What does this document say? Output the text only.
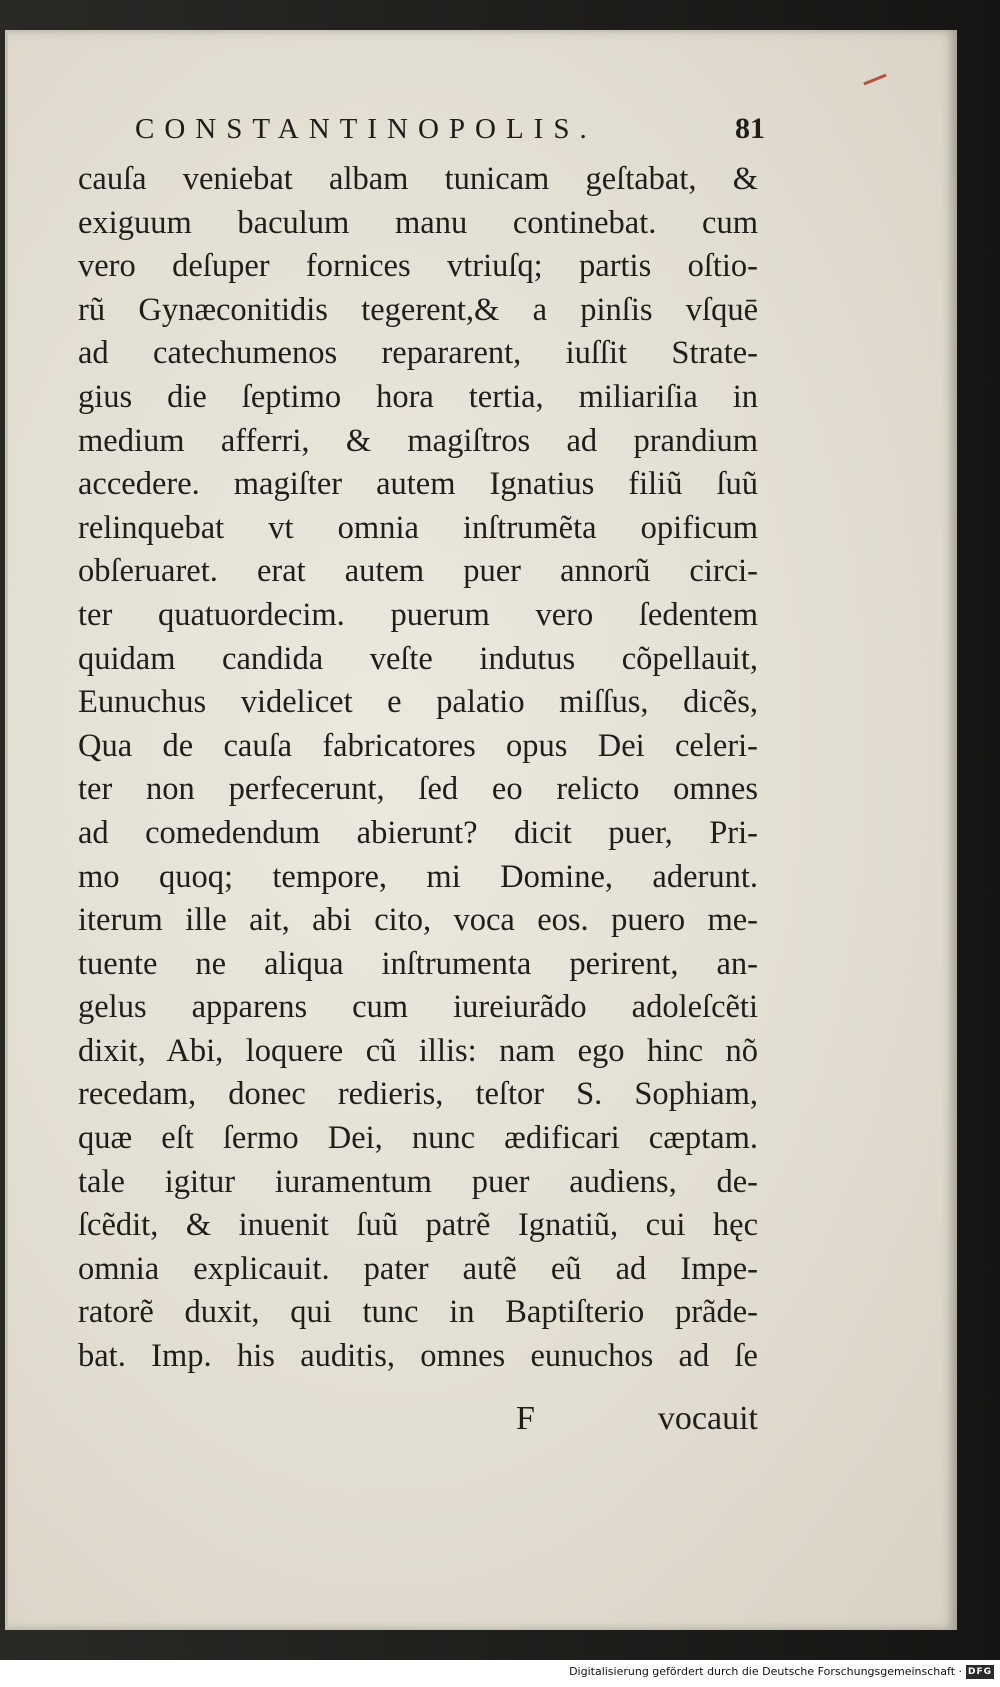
CONSTANTINOPOLIS.	81
cauſa veniebat albam tunicam geſtabat, &
exiguum baculum manu continebat. cum
vero deſuper fornices vtriuſq; partis oſtio-
rũ Gynæconitidis tegerent,& a pinſis vſquē
ad catechumenos repararent, iuſſit Strate-
gius die ſeptimo hora tertia, miliariſia in
medium afferri, & magiſtros ad prandium
accedere. magiſter autem Ignatius filiũ ſuũ
relinquebat vt omnia inſtrumẽta opificum
obſeruaret. erat autem puer annorũ circi-
ter quatuordecim. puerum vero ſedentem
quidam candida veſte indutus cõpellauit,
Eunuchus videlicet e palatio miſſus, dicẽs,
Qua de cauſa fabricatores opus Dei celeri-
ter non perfecerunt, ſed eo relicto omnes
ad comedendum abierunt? dicit puer, Pri-
mo quoq; tempore, mi Domine, aderunt.
iterum ille ait, abi cito, voca eos. puero me-
tuente ne aliqua inſtrumenta perirent, an-
gelus apparens cum iureiurãdo adoleſcẽti
dixit, Abi, loquere cũ illis: nam ego hinc nõ
recedam, donec redieris, teſtor S. Sophiam,
quæ eſt ſermo Dei, nunc ædificari cæptam.
tale igitur iuramentum puer audiens, de-
ſcẽdit, & inuenit ſuũ patrẽ Ignatiũ, cui hęc
omnia explicauit. pater autẽ eũ ad Impe-
ratorẽ duxit, qui tunc in Baptiſterio prãde-
bat. Imp. his auditis, omnes eunuchos ad ſe
F	vocauit
Digitalisierung gefördert durch die Deutsche Forschungsgemeinschaft · DFG
